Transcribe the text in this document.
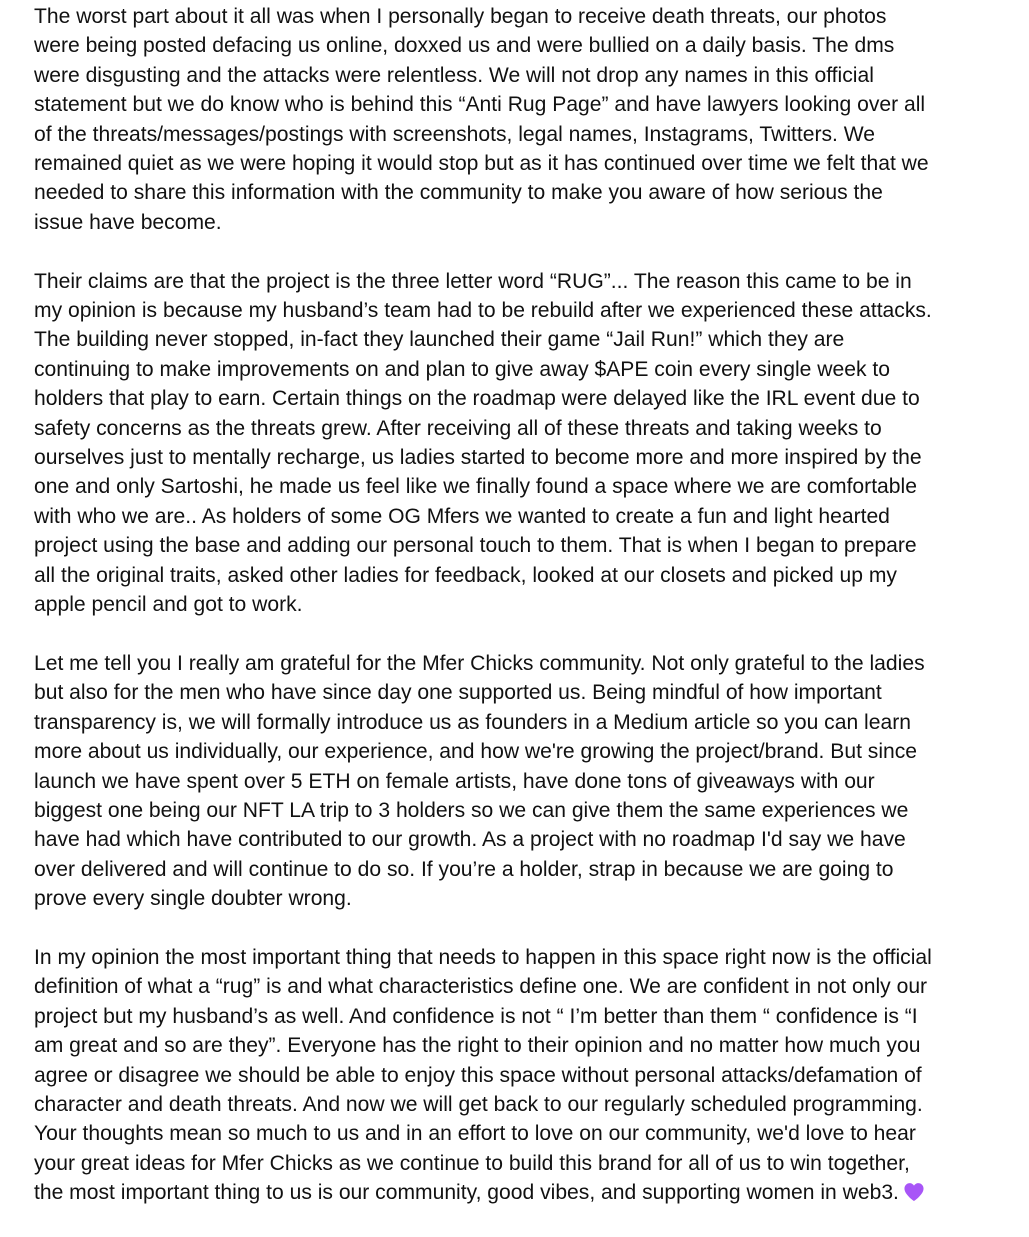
The worst part about it all was when I personally began to receive death threats, our photos
were being posted defacing us online, doxxed us and were bullied on a daily basis. The dms
were disgusting and the attacks were relentless. We will not drop any names in this official
statement but we do know who is behind this “Anti Rug Page” and have lawyers looking over all
of the threats/messages/postings with screenshots, legal names, Instagrams, Twitters. We
remained quiet as we were hoping it would stop but as it has continued over time we felt that we
needed to share this information with the community to make you aware of how serious the
issue have become.

Their claims are that the project is the three letter word “RUG”... The reason this came to be in
my opinion is because my husband’s team had to be rebuild after we experienced these attacks.
The building never stopped, in-fact they launched their game “Jail Run!” which they are
continuing to make improvements on and plan to give away $APE coin every single week to
holders that play to earn. Certain things on the roadmap were delayed like the IRL event due to
safety concerns as the threats grew. After receiving all of these threats and taking weeks to
ourselves just to mentally recharge, us ladies started to become more and more inspired by the
one and only Sartoshi, he made us feel like we finally found a space where we are comfortable
with who we are.. As holders of some OG Mfers we wanted to create a fun and light hearted
project using the base and adding our personal touch to them. That is when I began to prepare
all the original traits, asked other ladies for feedback, looked at our closets and picked up my
apple pencil and got to work.

Let me tell you I really am grateful for the Mfer Chicks community. Not only grateful to the ladies
but also for the men who have since day one supported us. Being mindful of how important
transparency is, we will formally introduce us as founders in a Medium article so you can learn
more about us individually, our experience, and how we're growing the project/brand. But since
launch we have spent over 5 ETH on female artists, have done tons of giveaways with our
biggest one being our NFT LA trip to 3 holders so we can give them the same experiences we
have had which have contributed to our growth. As a project with no roadmap I'd say we have
over delivered and will continue to do so. If you’re a holder, strap in because we are going to
prove every single doubter wrong.

In my opinion the most important thing that needs to happen in this space right now is the official
definition of what a “rug” is and what characteristics define one. We are confident in not only our
project but my husband’s as well. And confidence is not “ I’m better than them “ confidence is “I
am great and so are they”. Everyone has the right to their opinion and no matter how much you
agree or disagree we should be able to enjoy this space without personal attacks/defamation of
character and death threats. And now we will get back to our regularly scheduled programming.
Your thoughts mean so much to us and in an effort to love on our community, we'd love to hear
your great ideas for Mfer Chicks as we continue to build this brand for all of us to win together,
the most important thing to us is our community, good vibes, and supporting women in web3.
